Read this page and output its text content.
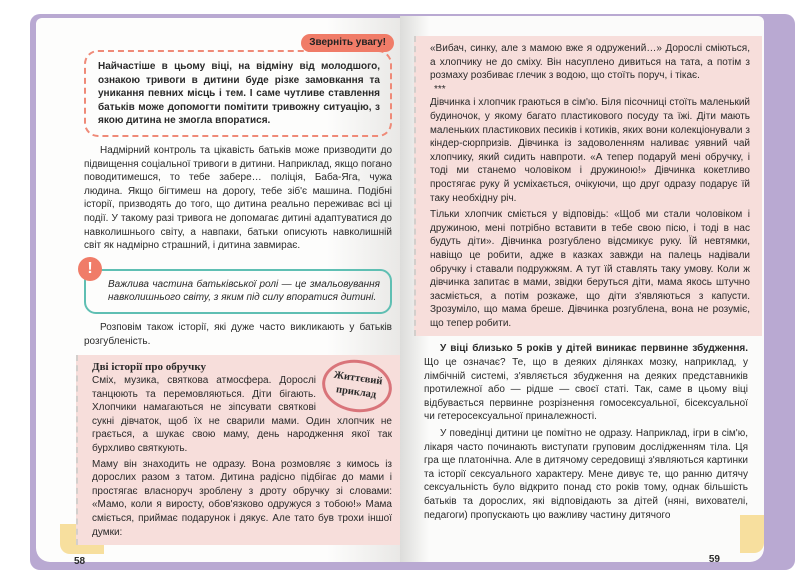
Зверніть увагу!
Найчастіше в цьому віці, на відміну від молодшого, ознакою тривоги в дитини буде різке замовкання та уникання певних місць і тем. І саме чутливе ставлення батьків може допомогти помітити тривожну ситуацію, з якою дитина не змогла впоратися.
Надмірний контроль та цікавість батьків може призводити до підвищення соціальної тривоги в дитини. Наприклад, якщо погано поводитимешся, то тебе забере… поліція, Баба-Яга, чужа людина. Якщо бігтимеш на дорогу, тебе зіб'є машина. Подібні історії, призводять до того, що дитина реально переживає всі ці події. У такому разі тривога не допомагає дитині адаптуватися до навколишнього світу, а навпаки, батьки описують навколишній світ як надмірно страшний, і дитина завмирає.
!
Важлива частина батьківської ролі — це змальовування навколишнього світу, з яким під силу впоратися дитині.
Розповім також історії, які дуже часто викликають у батьків розгубленість.
Життєвий приклад
Дві історії про обручку
Сміх, музика, святкова атмосфера. Дорослі танцюють та перемовляються. Діти бігають. Хлопчики намагаються не зіпсувати святкові сукні дівчаток, щоб їх не сварили мами. Один хлопчик не грається, а шукає свою маму, день народження якої так бурхливо святкують.
Маму він знаходить не одразу. Вона розмовляє з кимось із дорослих разом з татом. Дитина радісно підбігає до мами і простягає власноруч зроблену з дроту обручку зі словами: «Мамо, коли я виросту, обов'язково одружуся з тобою!» Мама сміється, приймає подарунок і дякує. Але тато був трохи іншої думки:
58
«Вибач, синку, але з мамою вже я одружений…» Дорослі сміються, а хлопчику не до сміху. Він насуплено дивиться на тата, а потім з розмаху розбиває глечик з водою, що стоїть поруч, і тікає.
***
Дівчинка і хлопчик граються в сім'ю. Біля пісочниці стоїть маленький будиночок, у якому багато пластикового посуду та їжі. Діти мають маленьких пластикових песиків і котиків, яких вони колекціонували з кіндер-сюрпризів. Дівчинка із задоволенням наливає уявний чай хлопчику, який сидить навпроти. «А тепер подаруй мені обручку, і тоді ми станемо чоловіком і дружиною!» Дівчинка кокетливо простягає руку й усміхається, очікуючи, що друг одразу подарує їй таку необхідну річ.
Тільки хлопчик сміється у відповідь: «Щоб ми стали чоловіком і дружиною, мені потрібно вставити в тебе свою пісю, і тоді в нас будуть діти». Дівчинка розгублено відсмикує руку. Їй невтямки, навіщо це робити, адже в казках завжди на палець надівали обручку і ставали подружжям. А тут їй ставлять таку умову. Коли ж дівчинка запитає в мами, звідки беруться діти, мама якось штучно засміється, а потім розкаже, що діти з'являються з капусти. Зрозуміло, що мама бреше. Дівчинка розгублена, вона не розуміє, що тепер робити.
У віці близько 5 років у дітей виникає первинне збудження. Що це означає? Те, що в деяких ділянках мозку, наприклад, у лімбічній системі, з'являється збудження на деяких представників протилежної або — рідше — своєї статі. Так, саме в цьому віці відбувається первинне розрізнення гомосексуальної, бісексуальної чи гетеросексуальної приналежності.
У поведінці дитини це помітно не одразу. Наприклад, ігри в сім'ю, лікаря часто починають виступати груповим дослідженням тіла. Ця гра ще платонічна. Але в дитячому середовищі з'являються картинки та історії сексуального характеру. Мене дивує те, що ранню дитячу сексуальність було відкрито понад сто років тому, однак більшість батьків та дорослих, які відповідають за дітей (няні, вихователі, педагоги) пропускають цю важливу частину дитячого
59
